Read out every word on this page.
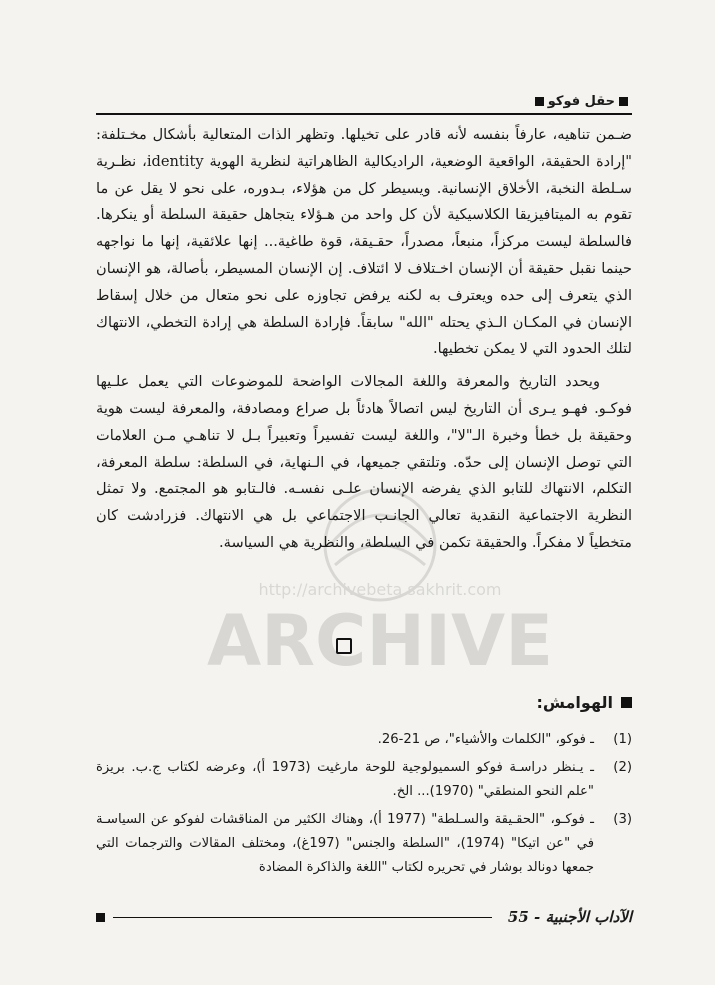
حقل فوكو

ضـمن تناهيه، عارفاً بنفسه لأنه قادر على تخيلها. وتظهر الذات المتعالية بأشكال مخـتلفة: "إرادة الحقيقة، الواقعية الوضعية، الراديكالية الظاهراتية لنظرية الهوية identity، نظـرية سـلطة النخبة، الأخلاق الإنسانية. ويسيطر كل من هؤلاء، بـدوره، على نحو لا يقل عن ما تقوم به الميتافيزيقا الكلاسيكية لأن كل واحد من هـؤلاء يتجاهل حقيقة السلطة أو ينكرها. فالسلطة ليست مركزاً، منبعاً، مصدراً، حقـيقة، قوة طاغية... إنها علائقية، إنها ما نواجهه حينما نقبل حقيقة أن الإنسان اخـتلاف لا ائتلاف. إن الإنسان المسيطر، بأصالة، هو الإنسان الذي يتعرف إلى حده ويعترف به لكنه يرفض تجاوزه على نحو متعال من خلال إسقاط الإنسان في المكـان الـذي يحتله "الله" سابقاً. فإرادة السلطة هي إرادة التخطي، الانتهاك لتلك الحدود التي لا يمكن تخطيها.

ويحدد التاريخ والمعرفة واللغة المجالات الواضحة للموضوعات التي يعمل علـيها فوكـو. فهـو يـرى أن التاريخ ليس اتصالاً هادئاً بل صراع ومصادفة، والمعرفة ليست هوية وحقيقة بل خطأ وخبرة الـ"لا"، واللغة ليست تفسيراً وتعبيراً بـل لا تناهـي مـن العلامات التي توصل الإنسان إلى حدّه. وتلتقي جميعها، في الـنهاية، في السلطة: سلطة المعرفة، التكلم، الانتهاك للتابو الذي يفرضه الإنسان علـى نفسـه. فالـتابو هو المجتمع. ولا تمثل النظرية الاجتماعية النقدية تعالي الجانـب الاجتماعي بل هي الانتهاك. فزرادشت كان متخطياً لا مفكراً. والحقيقة تكمن في السلطة، والنظرية هي السياسة.

الهوامش:
(1)
ـ فوكو، "الكلمات والأشياء"، ص 21-26.
(2)
ـ يـنظر دراسـة فوكو السميولوجية للوحة مارغيت (1973 أ)، وعرضه لكتاب ج.ب. بريزة "علم النحو المنطقي" (1970)... الخ.
(3)
ـ فوكـو، "الحقـيقة والسـلطة" (1977 أ)، وهناك الكثير من المناقشات لفوكو عن السياسـة في "عن اتيكا" (1974)، "السلطة والجنس" (197غ)، ومختلف المقالات والترجمات التي جمعها دونالد بوشار في تحريره لكتاب "اللغة والذاكرة المضادة
الآداب الأجنبية - 55
ARCHIVE
http://archivebeta.sakhrit.com
